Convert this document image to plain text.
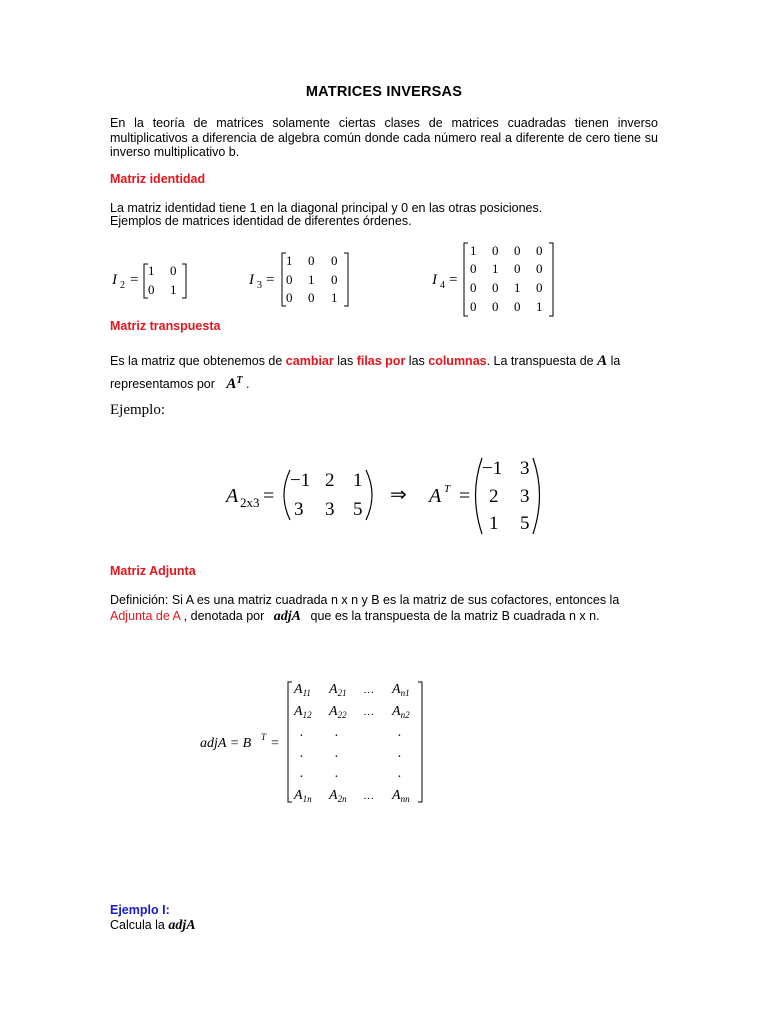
MATRICES INVERSAS
En la teoría de matrices solamente ciertas clases de matrices cuadradas tienen inverso multiplicativos a diferencia de algebra común donde cada número real a diferente de cero tiene su inverso multiplicativo b.
Matriz identidad
La matriz identidad tiene 1 en la diagonal principal y 0 en las otras posiciones.
Ejemplos de matrices identidad de diferentes órdenes.
I 2 =
1 0
0 1
I 3 =
1 0 0
0 1 0
0 0 1
I 4 =
1 0 0 0
0 1 0 0
0 0 1 0
0 0 0 1
Matriz transpuesta
Es la matriz que obtenemos de cambiar las filas por las columnas. La transpuesta de A la
representamos por $A^T$ .
Ejemplo:
A 2x3 =
−1 2 1
3 3 5
⇒ A T =
−1 3
2 3
1 5
Matriz Adjunta
Definición: Si A es una matriz cuadrada n x n y B es la matriz de sus cofactores, entonces la
Adjunta de A , denotada por adjA que es la transpuesta de la matriz B cuadrada n x n.
adjA = B T =
$A_{11}$ $A_{21}$ … $A_{n1}$
$A_{12}$ $A_{22}$ … $A_{n2}$
. .	.
. .	.
. .	.
$A_{1n}$ $A_{2n}$ … $A_{nn}$
Ejemplo I:
Calcula la adjA
